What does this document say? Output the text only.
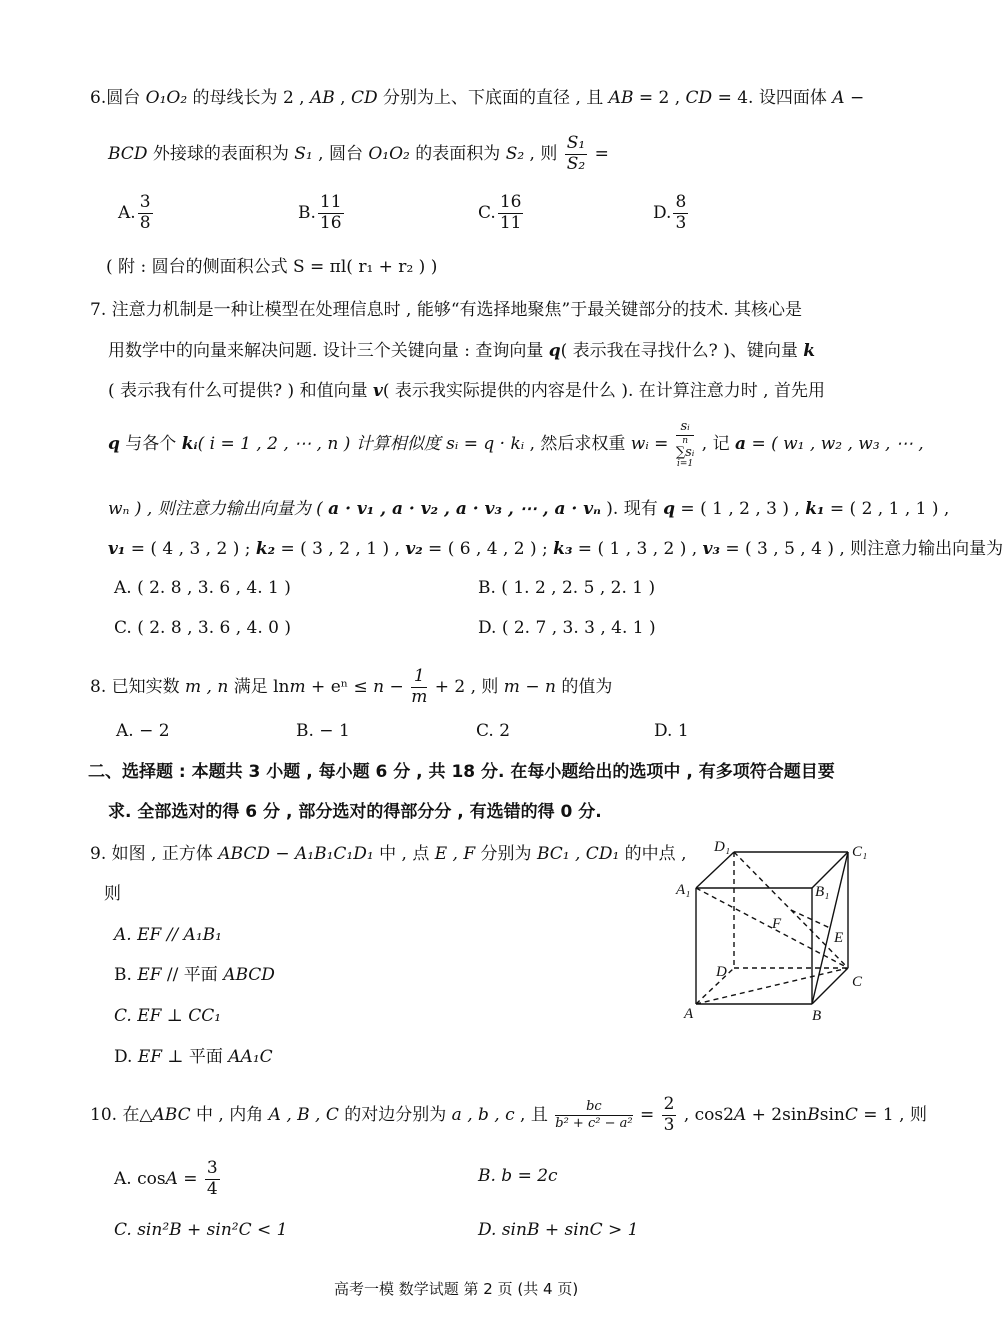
6.圆台 O₁O₂ 的母线长为 2 , AB , CD 分别为上、下底面的直径 , 且 AB = 2 , CD = 4. 设四面体 A −
BCD 外接球的表面积为 S₁ , 圆台 O₁O₂ 的表面积为 S₂ , 则 $\frac{\text{S₁}}{\text{S₂}}$ =
A. $\frac{3}{8}$	B. $\frac{11}{16}$	C. $\frac{16}{11}$	D. $\frac{8}{3}$
( 附 : 圆台的侧面积公式 S = πl( r₁ + r₂ ) )
7. 注意力机制是一种让模型在处理信息时 , 能够“有选择地聚焦”于最关键部分的技术. 其核心是
用数学中的向量来解决问题. 设计三个关键向量 : 查询向量 q( 表示我在寻找什么? )、键向量 k
( 表示我有什么可提供? ) 和值向量 v( 表示我实际提供的内容是什么 ). 在计算注意力时 , 首先用
q 与各个 kᵢ( i = 1 , 2 , ⋯ , n ) 计算相似度 sᵢ = q · kᵢ , 然后求权重 wᵢ = sᵢ
n
∑sᵢ
i=1 , 记 a = ( w₁ , w₂ , w₃ , ⋯ ,
wₙ ) , 则注意力输出向量为 ( a · v₁ , a · v₂ , a · v₃ , ⋯ , a · vₙ ). 现有 q = ( 1 , 2 , 3 ) , k₁ = ( 2 , 1 , 1 ) ,
v₁ = ( 4 , 3 , 2 ) ; k₂ = ( 3 , 2 , 1 ) , v₂ = ( 6 , 4 , 2 ) ; k₃ = ( 1 , 3 , 2 ) , v₃ = ( 3 , 5 , 4 ) , 则注意力输出向量为
A. ( 2. 8 , 3. 6 , 4. 1 )	B. ( 1. 2 , 2. 5 , 2. 1 )
C. ( 2. 8 , 3. 6 , 4. 0 )	D. ( 2. 7 , 3. 3 , 4. 1 )
8. 已知实数 m , n 满足 $\ln m + e^n \le n - \frac{1}{m} + 2$ , 则 m − n 的值为
A. − 2	B. − 1	C. 2	D. 1
二、选择题 : 本题共 3 小题 , 每小题 6 分 , 共 18 分. 在每小题给出的选项中 , 有多项符合题目要
求. 全部选对的得 6 分 , 部分选对的得部分分 , 有选错的得 0 分.
9. 如图 , 正方体 ABCD − A₁B₁C₁D₁ 中 , 点 E , F 分别为 BC₁ , CD₁ 的中点 ,
则
A. EF // A₁B₁
B. EF // 平面 ABCD
C. EF ⊥ CC₁
D. EF ⊥ 平面 AA₁C
D₁	C₁
A₁	B₁
F
E
D
C
A	B
10. 在△ABC 中 , 内角 A , B , C 的对边分别为 a , b , c , 且 $\frac{bc}{\text{b² + c² − a²}} = \frac{2}{3}$ , cos2A + 2sinBsinC = 1 , 则
A. $\cos A = \frac{3}{4}$	B. b = 2c
C. sin²B + sin²C < 1	D. sinB + sinC > 1
高考一模 数学试题 第 2 页 (共 4 页)
